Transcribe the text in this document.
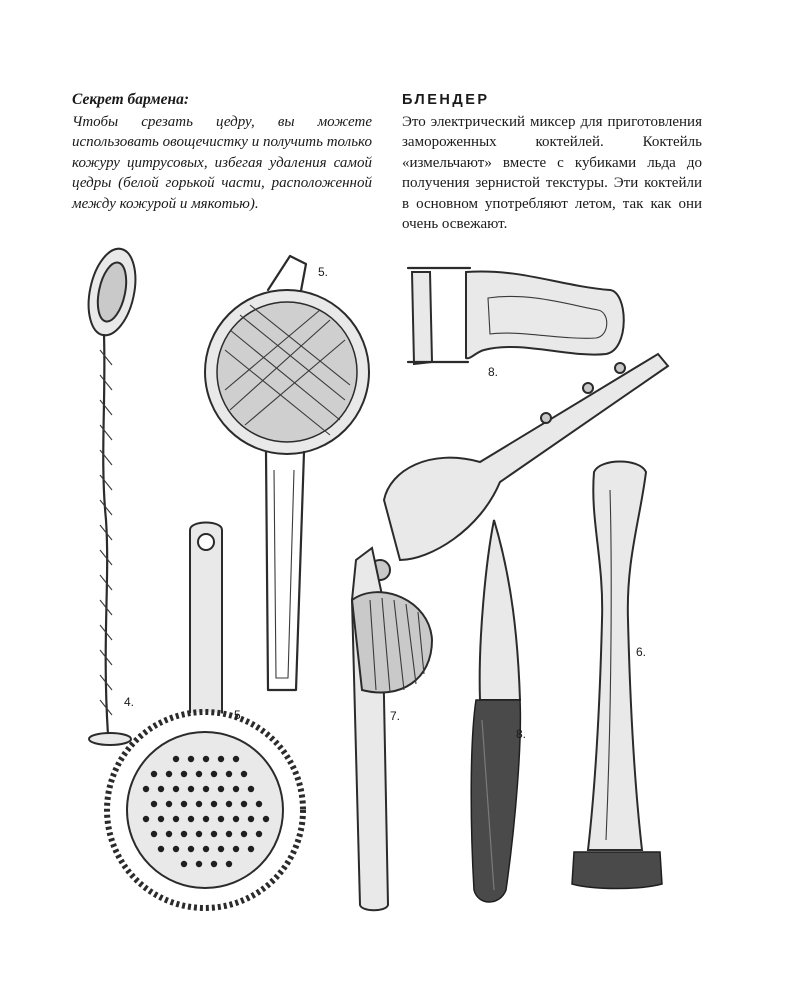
Секрет бармена:

Чтобы срезать цедру, вы можете использовать овощечистку и получить только кожуру цитрусовых, избегая удаления самой цедры (белой горькой части, расположенной между кожурой и мякотью).

БЛЕНДЕР

Это электрический миксер для приготовления замороженных коктейлей. Коктейль «измельчают» вместе с кубиками льда до получения зернистой текстуры. Эти коктейли в основном употребляют летом, так как они очень освежают.

4.
5.
5.
8.
7.
8.
6.
